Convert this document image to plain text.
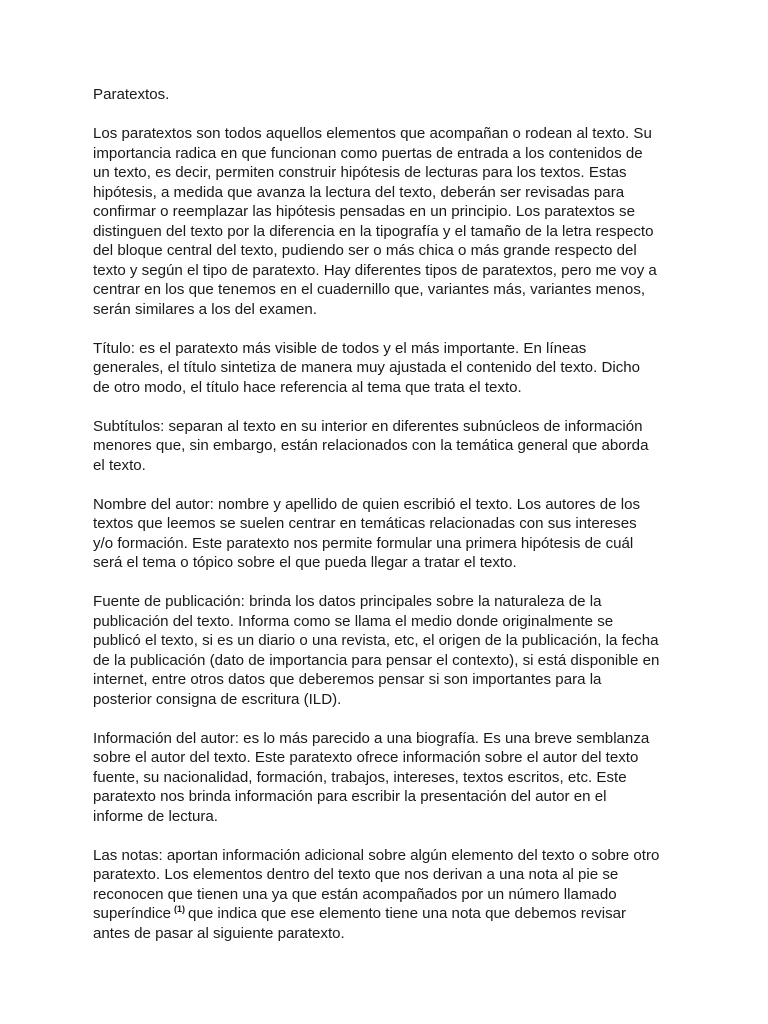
Paratextos.

Los paratextos son todos aquellos elementos que acompañan o rodean al texto. Su
importancia radica en que funcionan como puertas de entrada a los contenidos de
un texto, es decir, permiten construir hipótesis de lecturas para los textos. Estas
hipótesis, a medida que avanza la lectura del texto, deberán ser revisadas para
confirmar o reemplazar las hipótesis pensadas en un principio. Los paratextos se
distinguen del texto por la diferencia en la tipografía y el tamaño de la letra respecto
del bloque central del texto, pudiendo ser o más chica o más grande respecto del
texto y según el tipo de paratexto. Hay diferentes tipos de paratextos, pero me voy a
centrar en los que tenemos en el cuadernillo que, variantes más, variantes menos,
serán similares a los del examen.

Título: es el paratexto más visible de todos y el más importante. En líneas
generales, el título sintetiza de manera muy ajustada el contenido del texto. Dicho
de otro modo, el título hace referencia al tema que trata el texto.

Subtítulos: separan al texto en su interior en diferentes subnúcleos de información
menores que, sin embargo, están relacionados con la temática general que aborda
el texto.

Nombre del autor: nombre y apellido de quien escribió el texto. Los autores de los
textos que leemos se suelen centrar en temáticas relacionadas con sus intereses
y/o formación. Este paratexto nos permite formular una primera hipótesis de cuál
será el tema o tópico sobre el que pueda llegar a tratar el texto.

Fuente de publicación: brinda los datos principales sobre la naturaleza de la
publicación del texto. Informa como se llama el medio donde originalmente se
publicó el texto, si es un diario o una revista, etc, el origen de la publicación, la fecha
de la publicación (dato de importancia para pensar el contexto), si está disponible en
internet, entre otros datos que deberemos pensar si son importantes para la
posterior consigna de escritura (ILD).

Información del autor: es lo más parecido a una biografía. Es una breve semblanza
sobre el autor del texto. Este paratexto ofrece información sobre el autor del texto
fuente, su nacionalidad, formación, trabajos, intereses, textos escritos, etc. Este
paratexto nos brinda información para escribir la presentación del autor en el
informe de lectura.

Las notas: aportan información adicional sobre algún elemento del texto o sobre otro
paratexto. Los elementos dentro del texto que nos derivan a una nota al pie se
reconocen que tienen una ya que están acompañados por un número llamado
superíndice $^{(1)}$ que indica que ese elemento tiene una nota que debemos revisar
antes de pasar al siguiente paratexto.
